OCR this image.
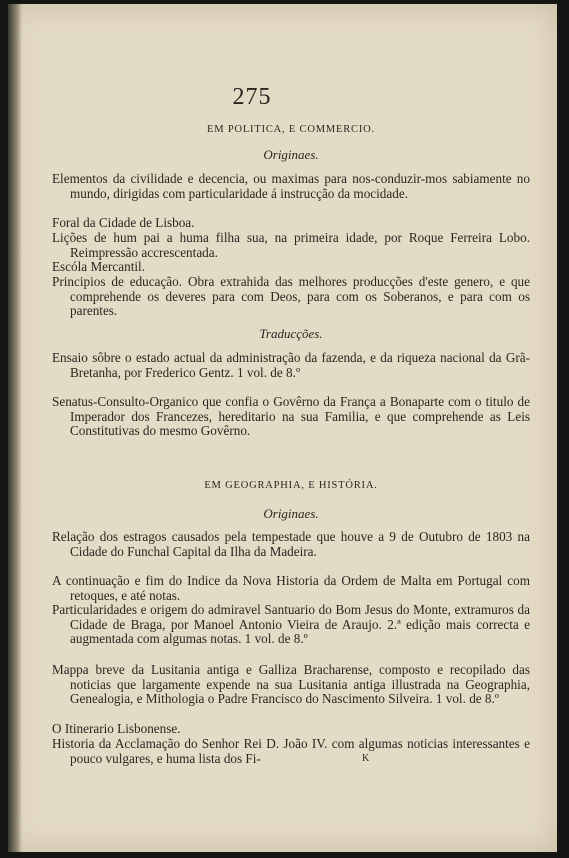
275
EM POLITICA, E COMMERCIO.
Originaes.
Elementos da civilidade e decencia, ou maximas para nos-conduzir-mos sabiamente no mundo, dirigidas com particularidade á instrucção da mocidade.
Foral da Cidade de Lisboa.
Lições de hum pai a huma filha sua, na primeira idade, por Roque Ferreira Lobo. Reimpressão accrescentada.
Escóla Mercantil.
Principios de educação. Obra extrahida das melhores producções d'este genero, e que comprehende os deveres para com Deos, para com os Soberanos, e para com os parentes.
Traducções.
Ensaio sôbre o estado actual da administração da fazenda, e da riqueza nacional da Grã-Bretanha, por Frederico Gentz. 1 vol. de 8.º
Senatus-Consulto-Organico que confia o Govêrno da França a Bonaparte com o titulo de Imperador dos Francezes, hereditario na sua Familia, e que comprehende as Leis Constitutivas do mesmo Govêrno.
EM GEOGRAPHIA, E HISTÓRIA.
Originaes.
Relação dos estragos causados pela tempestade que houve a 9 de Outubro de 1803 na Cidade do Funchal Capital da Ilha da Madeira.
A continuação e fim do Indice da Nova Historia da Ordem de Malta em Portugal com retoques, e até notas.
Particularidades e origem do admiravel Santuario do Bom Jesus do Monte, extramuros da Cidade de Braga, por Manoel Antonio Vieira de Araujo. 2.ª edição mais correcta e augmentada com algumas notas. 1 vol. de 8.º
Mappa breve da Lusitania antiga e Galliza Bracharense, composto e recopilado das noticias que largamente expende na sua Lusitania antiga illustrada na Geographia, Genealogia, e Mithologia o Padre Francisco do Nascimento Silveira. 1 vol. de 8.º
O Itinerario Lisbonense.
Historia da Acclamação do Senhor Rei D. João IV. com algumas noticias interessantes e pouco vulgares, e huma lista dos Fi-	K
